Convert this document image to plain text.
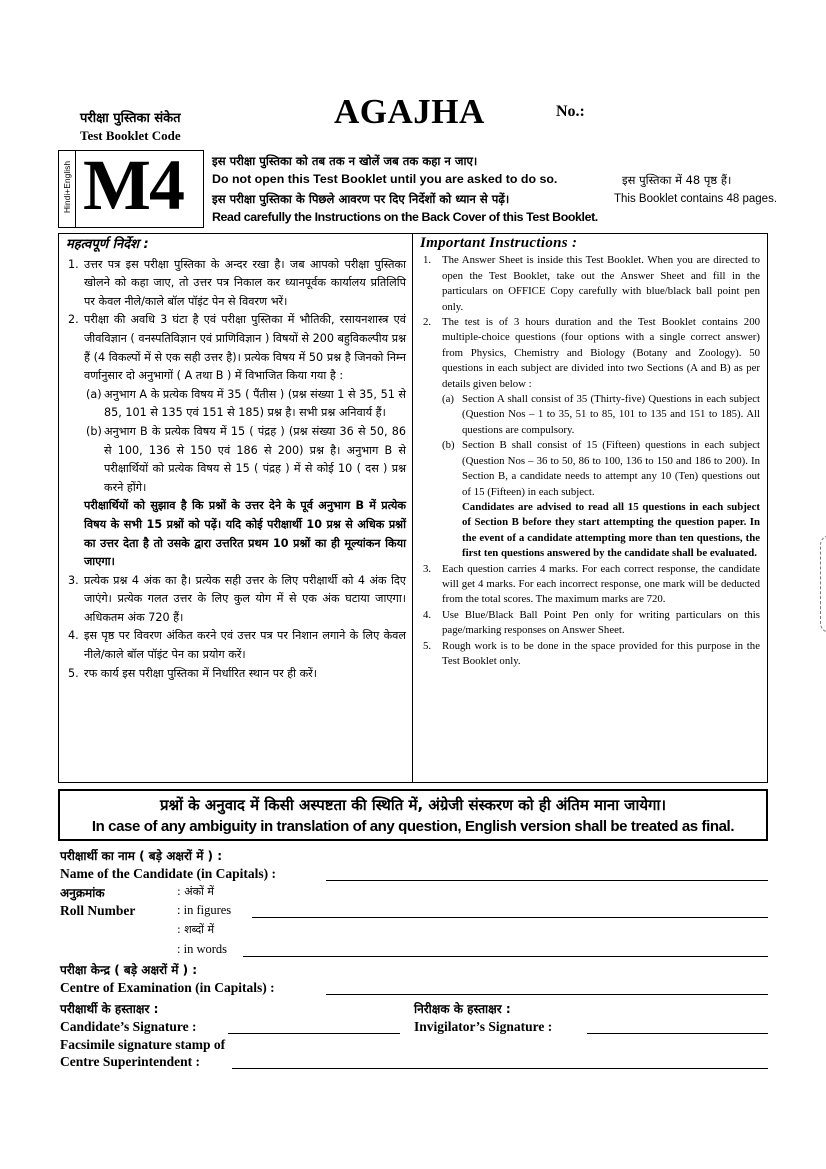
परीक्षा पुस्तिका संकेत
Test Booklet Code
AGAJHA	No.:
Hindi+English M4	इस परीक्षा पुस्तिका को तब तक न खोलें जब तक कहा न जाए।
Do not open this Test Booklet until you are asked to do so.
इस परीक्षा पुस्तिका के पिछले आवरण पर दिए निर्देशों को ध्यान से पढ़ें।
Read carefully the Instructions on the Back Cover of this Test Booklet.
इस पुस्तिका में 48 पृष्ठ हैं।
This Booklet contains 48 pages.
महत्वपूर्ण निर्देश :
1. उत्तर पत्र इस परीक्षा पुस्तिका के अन्दर रखा है। जब आपको परीक्षा पुस्तिका खोलने को कहा जाए, तो उत्तर पत्र निकाल कर ध्यानपूर्वक कार्यालय प्रतिलिपि पर केवल नीले/काले बॉल पॉइंट पेन से विवरण भरें।
2. परीक्षा की अवधि 3 घंटा है एवं परीक्षा पुस्तिका में भौतिकी, रसायनशास्त्र एवं जीवविज्ञान ( वनस्पतिविज्ञान एवं प्राणिविज्ञान ) विषयों से 200 बहुविकल्पीय प्रश्न हैं (4 विकल्पों में से एक सही उत्तर है)। प्रत्येक विषय में 50 प्रश्न है जिनको निम्न वर्णानुसार दो अनुभागों ( A तथा B ) में विभाजित किया गया है :
(a) अनुभाग A के प्रत्येक विषय में 35 ( पैंतीस ) (प्रश्न संख्या 1 से 35, 51 से 85, 101 से 135 एवं 151 से 185) प्रश्न है। सभी प्रश्न अनिवार्य हैं।
(b) अनुभाग B के प्रत्येक विषय में 15 ( पंद्रह ) (प्रश्न संख्या 36 से 50, 86 से 100, 136 से 150 एवं 186 से 200) प्रश्न है। अनुभाग B से परीक्षार्थियों को प्रत्येक विषय से 15 ( पंद्रह ) में से कोई 10 ( दस ) प्रश्न करने होंगे।
परीक्षार्थियों को सुझाव है कि प्रश्नों के उत्तर देने के पूर्व अनुभाग B में प्रत्येक विषय के सभी 15 प्रश्नों को पढ़ें। यदि कोई परीक्षार्थी 10 प्रश्न से अधिक प्रश्नों का उत्तर देता है तो उसके द्वारा उत्तरित प्रथम 10 प्रश्नों का ही मूल्यांकन किया जाएगा।
3. प्रत्येक प्रश्न 4 अंक का है। प्रत्येक सही उत्तर के लिए परीक्षार्थी को 4 अंक दिए जाएंगे। प्रत्येक गलत उत्तर के लिए कुल योग में से एक अंक घटाया जाएगा। अधिकतम अंक 720 हैं।
4. इस पृष्ठ पर विवरण अंकित करने एवं उत्तर पत्र पर निशान लगाने के लिए केवल नीले/काले बॉल पॉइंट पेन का प्रयोग करें।
5. रफ कार्य इस परीक्षा पुस्तिका में निर्धारित स्थान पर ही करें।
Important Instructions :
1. The Answer Sheet is inside this Test Booklet. When you are directed to open the Test Booklet, take out the Answer Sheet and fill in the particulars on OFFICE Copy carefully with blue/black ball point pen only.
2. The test is of 3 hours duration and the Test Booklet contains 200 multiple-choice questions (four options with a single correct answer) from Physics, Chemistry and Biology (Botany and Zoology). 50 questions in each subject are divided into two Sections (A and B) as per details given below :
(a) Section A shall consist of 35 (Thirty-five) Questions in each subject (Question Nos – 1 to 35, 51 to 85, 101 to 135 and 151 to 185). All questions are compulsory.
(b) Section B shall consist of 15 (Fifteen) questions in each subject (Question Nos – 36 to 50, 86 to 100, 136 to 150 and 186 to 200). In Section B, a candidate needs to attempt any 10 (Ten) questions out of 15 (Fifteen) in each subject.
Candidates are advised to read all 15 questions in each subject of Section B before they start attempting the question paper. In the event of a candidate attempting more than ten questions, the first ten questions answered by the candidate shall be evaluated.
3. Each question carries 4 marks. For each correct response, the candidate will get 4 marks. For each incorrect response, one mark will be deducted from the total scores. The maximum marks are 720.
4. Use Blue/Black Ball Point Pen only for writing particulars on this page/marking responses on Answer Sheet.
5. Rough work is to be done in the space provided for this purpose in the Test Booklet only.
प्रश्नों के अनुवाद में किसी अस्पष्टता की स्थिति में, अंग्रेजी संस्करण को ही अंतिम माना जायेगा।
In case of any ambiguity in translation of any question, English version shall be treated as final.
परीक्षार्थी का नाम ( बड़े अक्षरों में ) :
Name of the Candidate (in Capitals) :
अनुक्रमांक
Roll Number
: अंकों में
: in figures
: शब्दों में
: in words
परीक्षा केन्द्र ( बड़े अक्षरों में ) :
Centre of Examination (in Capitals) :
परीक्षार्थी के हस्ताक्षर :
Candidate’s Signature :
निरीक्षक के हस्ताक्षर :
Invigilator’s Signature :
Facsimile signature stamp of
Centre Superintendent :
